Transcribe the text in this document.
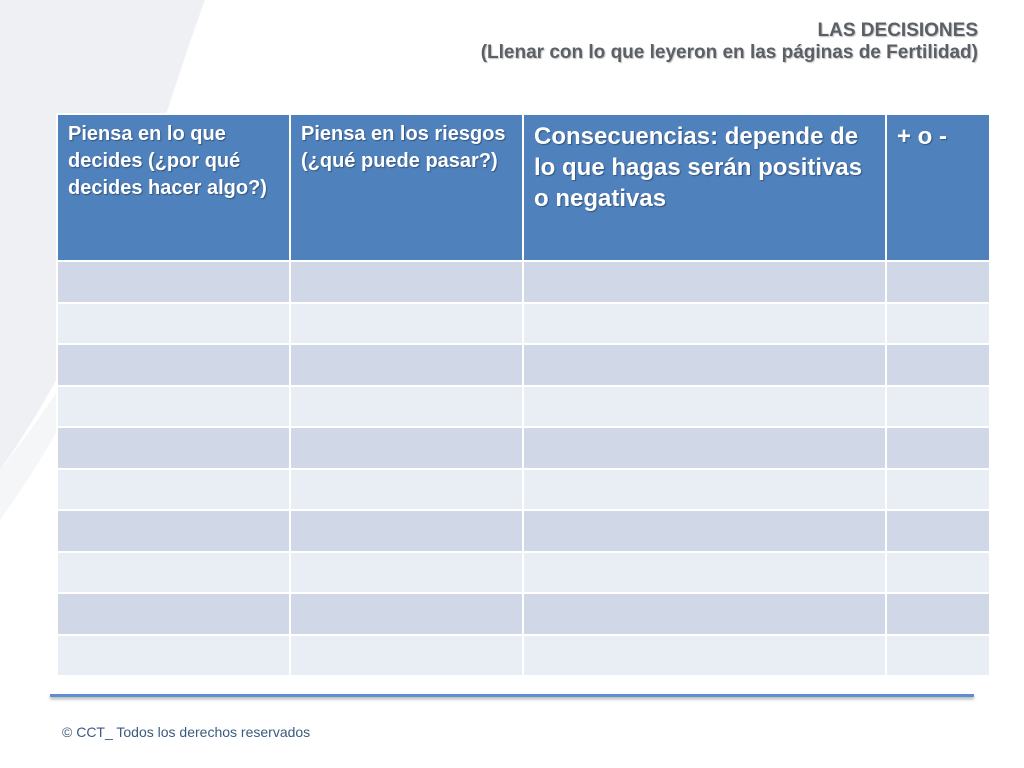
LAS DECISIONES
(Llenar con lo que leyeron en las páginas de Fertilidad)
Piensa en lo que decides (¿por qué decides hacer algo?)	Piensa en los riesgos (¿qué puede pasar?)	Consecuencias: depende de lo que hagas serán positivas o negativas	+ o -

© CCT_ Todos los derechos reservados
